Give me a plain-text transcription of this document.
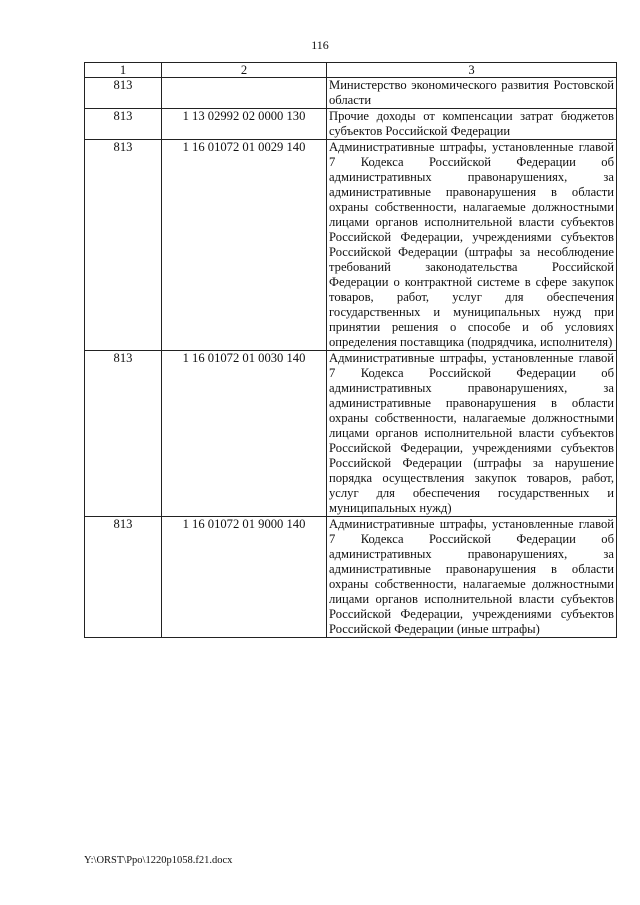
116
1	2	3
813		Министерство экономического развития Ростовской области

813	1 13 02992 02 0000 130	Прочие доходы от компенсации затрат бюджетов субъектов Российской Федерации

813	1 16 01072 01 0029 140	Административные штрафы, установленные главой 7 Кодекса Российской Федерации об административных правонарушениях, за административные правонарушения в области охраны собственности, налагаемые должностными лицами органов исполнительной власти субъектов Российской Федерации, учреждениями субъектов Российской Федерации (штрафы за несоблюдение требований законодательства Российской Федерации о контрактной системе в сфере закупок товаров, работ, услуг для обеспечения государственных и муниципальных нужд при принятии решения о способе и об условиях определения поставщика (подрядчика, исполнителя)

813	1 16 01072 01 0030 140	Административные штрафы, установленные главой 7 Кодекса Российской Федерации об административных правонарушениях, за административные правонарушения в области охраны собственности, налагаемые должностными лицами органов исполнительной власти субъектов Российской Федерации, учреждениями субъектов Российской Федерации (штрафы за нарушение порядка осуществления закупок товаров, работ, услуг для обеспечения государственных и муниципальных нужд)

813	1 16 01072 01 9000 140	Административные штрафы, установленные главой 7 Кодекса Российской Федерации об административных правонарушениях, за административные правонарушения в области охраны собственности, налагаемые должностными лицами органов исполнительной власти субъектов Российской Федерации, учреждениями субъектов Российской Федерации (иные штрафы)
Y:\ORST\Ppo\1220p1058.f21.docx
